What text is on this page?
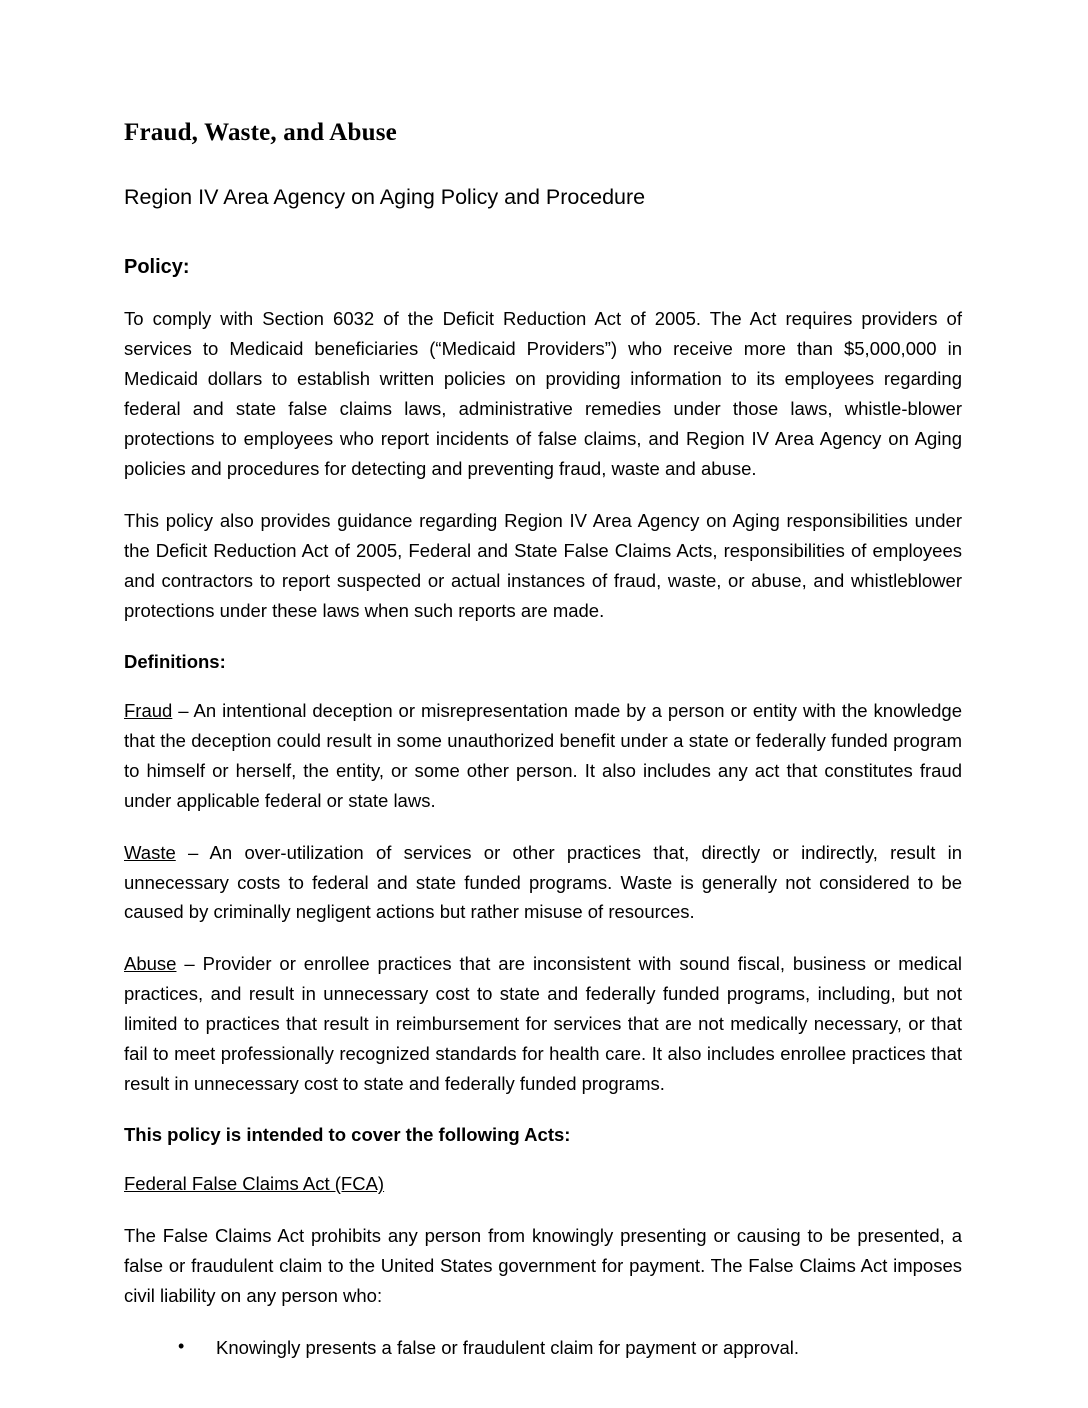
Fraud, Waste, and Abuse
Region IV Area Agency on Aging Policy and Procedure
Policy:

To comply with Section 6032 of the Deficit Reduction Act of 2005. The Act requires providers of services to Medicaid beneficiaries (“Medicaid Providers”) who receive more than $5,000,000 in Medicaid dollars to establish written policies on providing information to its employees regarding federal and state false claims laws, administrative remedies under those laws, whistle-blower protections to employees who report incidents of false claims, and Region IV Area Agency on Aging policies and procedures for detecting and preventing fraud, waste and abuse.

This policy also provides guidance regarding Region IV Area Agency on Aging responsibilities under the Deficit Reduction Act of 2005, Federal and State False Claims Acts, responsibilities of employees and contractors to report suspected or actual instances of fraud, waste, or abuse, and whistleblower protections under these laws when such reports are made.

Definitions:

Fraud – An intentional deception or misrepresentation made by a person or entity with the knowledge that the deception could result in some unauthorized benefit under a state or federally funded program to himself or herself, the entity, or some other person. It also includes any act that constitutes fraud under applicable federal or state laws.

Waste – An over-utilization of services or other practices that, directly or indirectly, result in unnecessary costs to federal and state funded programs. Waste is generally not considered to be caused by criminally negligent actions but rather misuse of resources.

Abuse – Provider or enrollee practices that are inconsistent with sound fiscal, business or medical practices, and result in unnecessary cost to state and federally funded programs, including, but not limited to practices that result in reimbursement for services that are not medically necessary, or that fail to meet professionally recognized standards for health care. It also includes enrollee practices that result in unnecessary cost to state and federally funded programs.

This policy is intended to cover the following Acts:
Federal False Claims Act (FCA)

The False Claims Act prohibits any person from knowingly presenting or causing to be presented, a false or fraudulent claim to the United States government for payment. The False Claims Act imposes civil liability on any person who:

• Knowingly presents a false or fraudulent claim for payment or approval.
